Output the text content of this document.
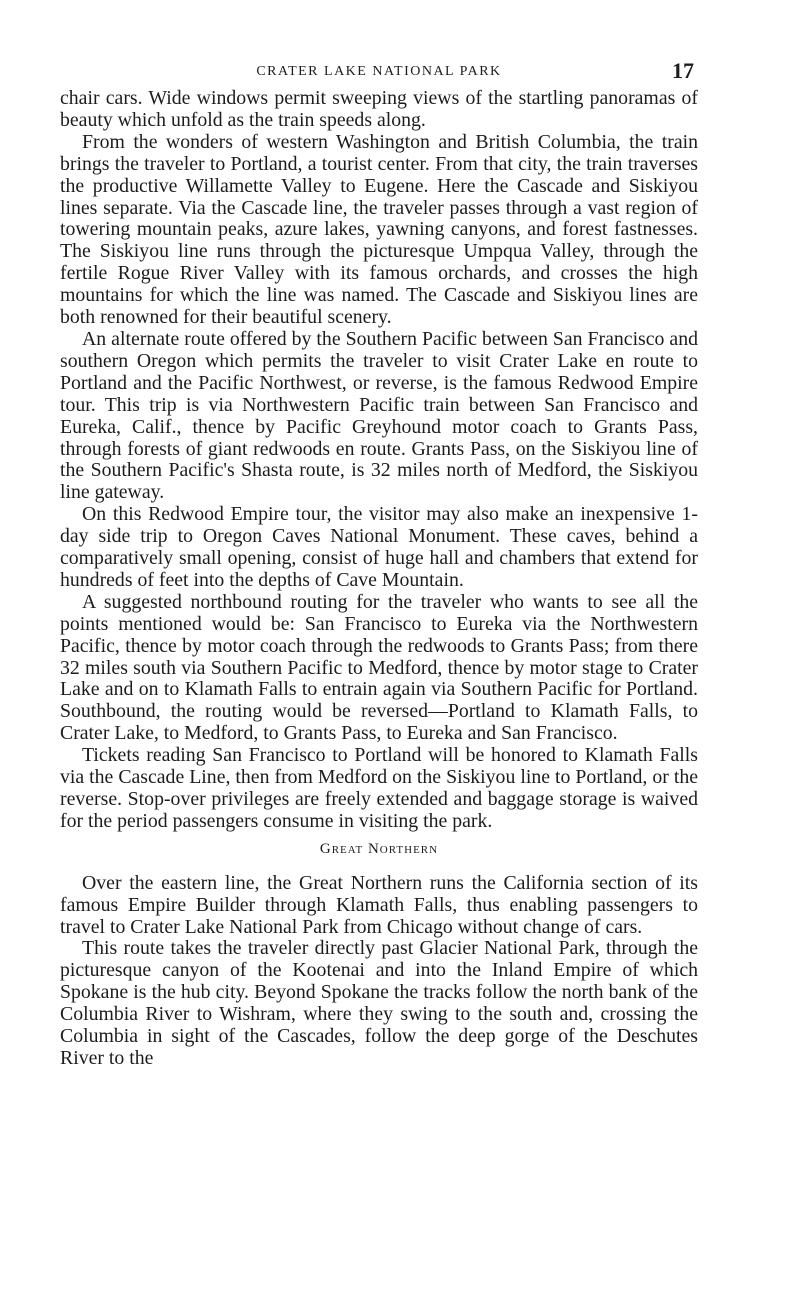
CRATER LAKE NATIONAL PARK	17

chair cars. Wide windows permit sweeping views of the startling panoramas of beauty which unfold as the train speeds along.

From the wonders of western Washington and British Columbia, the train brings the traveler to Portland, a tourist center. From that city, the train traverses the productive Willamette Valley to Eugene. Here the Cascade and Siskiyou lines separate. Via the Cascade line, the traveler passes through a vast region of towering mountain peaks, azure lakes, yawning canyons, and forest fastnesses. The Siskiyou line runs through the picturesque Umpqua Valley, through the fertile Rogue River Valley with its famous orchards, and crosses the high mountains for which the line was named. The Cascade and Siskiyou lines are both renowned for their beautiful scenery.

An alternate route offered by the Southern Pacific between San Francisco and southern Oregon which permits the traveler to visit Crater Lake en route to Portland and the Pacific Northwest, or reverse, is the famous Redwood Empire tour. This trip is via Northwestern Pacific train between San Francisco and Eureka, Calif., thence by Pacific Greyhound motor coach to Grants Pass, through forests of giant redwoods en route. Grants Pass, on the Siskiyou line of the Southern Pacific's Shasta route, is 32 miles north of Medford, the Siskiyou line gateway.

On this Redwood Empire tour, the visitor may also make an inexpensive 1-day side trip to Oregon Caves National Monument. These caves, behind a comparatively small opening, consist of huge hall and chambers that extend for hundreds of feet into the depths of Cave Mountain.

A suggested northbound routing for the traveler who wants to see all the points mentioned would be: San Francisco to Eureka via the Northwestern Pacific, thence by motor coach through the redwoods to Grants Pass; from there 32 miles south via Southern Pacific to Medford, thence by motor stage to Crater Lake and on to Klamath Falls to entrain again via Southern Pacific for Portland. Southbound, the routing would be reversed—Portland to Klamath Falls, to Crater Lake, to Medford, to Grants Pass, to Eureka and San Francisco.

Tickets reading San Francisco to Portland will be honored to Klamath Falls via the Cascade Line, then from Medford on the Siskiyou line to Portland, or the reverse. Stop-over privileges are freely extended and baggage storage is waived for the period passengers consume in visiting the park.

Great Northern

Over the eastern line, the Great Northern runs the California section of its famous Empire Builder through Klamath Falls, thus enabling passengers to travel to Crater Lake National Park from Chicago without change of cars.

This route takes the traveler directly past Glacier National Park, through the picturesque canyon of the Kootenai and into the Inland Empire of which Spokane is the hub city. Beyond Spokane the tracks follow the north bank of the Columbia River to Wishram, where they swing to the south and, crossing the Columbia in sight of the Cascades, follow the deep gorge of the Deschutes River to the
